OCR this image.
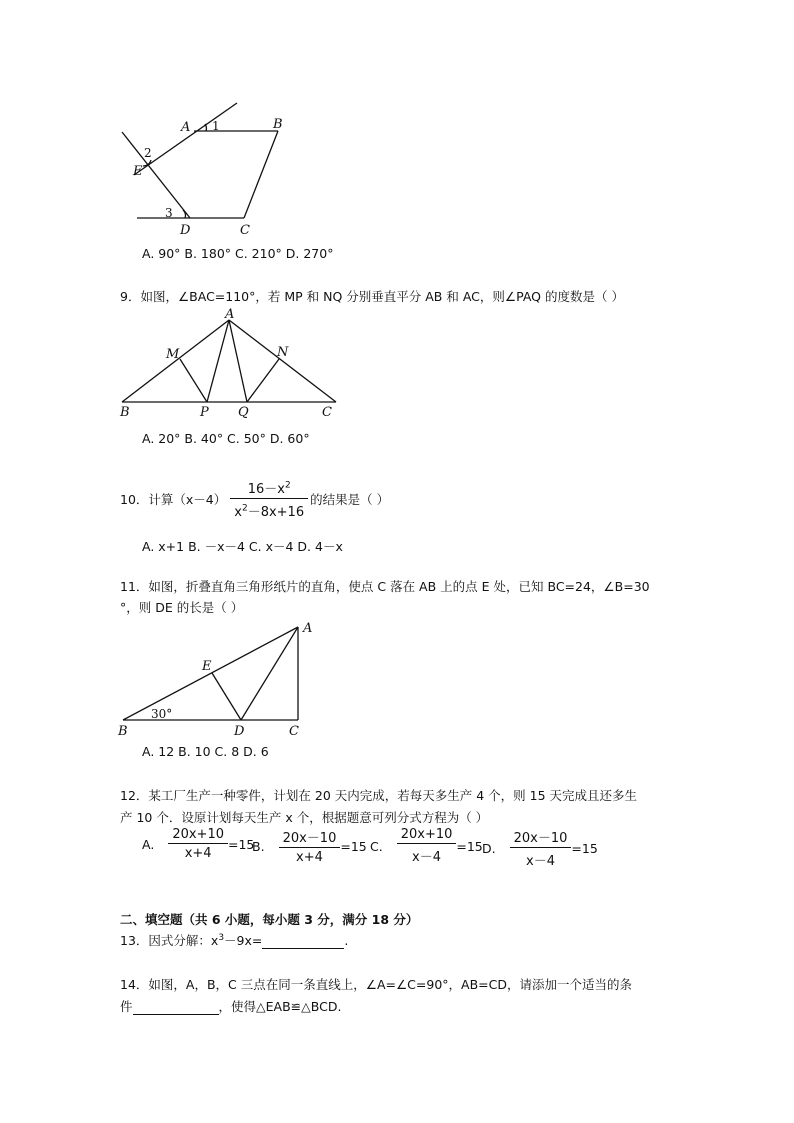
A	B
C
D
E
1
2
3
A. 90° B. 180° C. 210° D. 270°
9．如图，∠BAC=110°，若 MP 和 NQ 分别垂直平分 AB 和 AC，则∠PAQ 的度数是（ ）
A
B	C
M	N
P Q
A. 20° B. 40° C. 50° D. 60°
10．计算$(x-4) \frac{16-x^2}{x^2-8x+16}$ 的结果是（ ）
A. x+1 B. －x－4 C. x－4 D. 4－x
11．如图，折叠直角三角形纸片的直角，使点 C 落在 AB 上的点 E 处，已知 BC=24，∠B=30
°，则 DE 的长是（ ）
A
B	C
D
E
30°
A. 12 B. 10 C. 8 D. 6
12．某工厂生产一种零件，计划在 20 天内完成，若每天多生产 4 个，则 15 天完成且还多生
产 10 个．设原计划每天生产 x 个，根据题意可列分式方程为（ ）
A. $\frac{20x+10}{x+4} =15$
B. $\frac{20x-10}{x+4} =15$ C. $\frac{20x+10}{x-4} =15$ D. $\frac{20x-10}{x-4} =15$
二、填空题（共 6 小题，每小题 3 分，满分 18 分）
13．因式分解：$x^3-9x=$	.
14．如图，A，B，C 三点在同一条直线上，∠A=∠C=90°，AB=CD，请添加一个适当的条
件	，使得△EAB≌△BCD.
